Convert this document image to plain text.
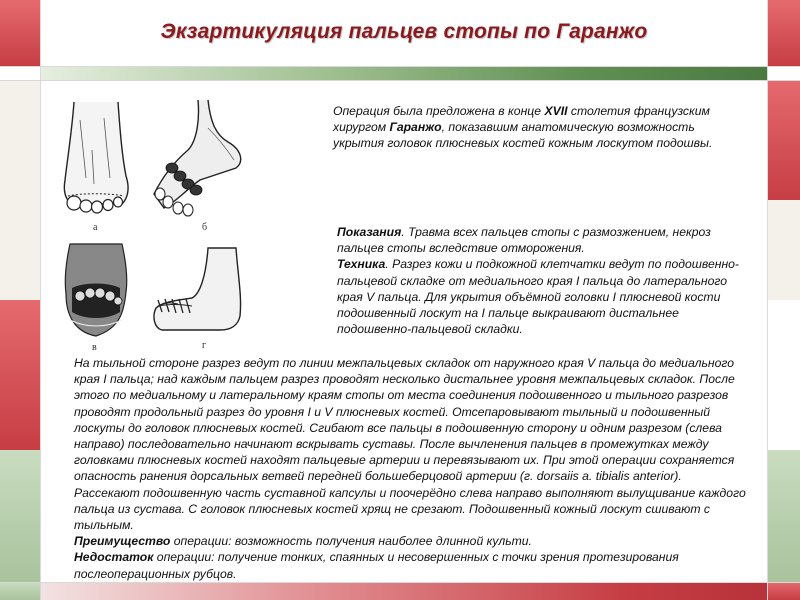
Экзартикуляция пальцев стопы по Гаранжо
а	б
в	г

Операция была предложена в конце XVII столетия французским хирургом Гаранжо, показавшим анатомическую возможность укрытия головок плюсневых костей кожным лоскутом подошвы.

Показания. Травма всех пальцев стопы с размозжением, некроз пальцев стопы вследствие отморожения.

Техника. Разрез кожи и подкожной клетчатки ведут по подошвенно-пальцевой складке от медиального края I пальца до латерального края V пальца. Для укрытия объёмной головки I плюсневой кости подошвенный лоскут на I пальце выкраивают дистальнее подошвенно-пальцевой складки.

На тыльной стороне разрез ведут по линии межпальцевых складок от наружного края V пальца до медиального края I пальца; над каждым пальцем разрез проводят несколько дистальнее уровня межпальцевых складок. После этого по медиальному и латеральному краям стопы от места соединения подошвенного и тыльного разрезов проводят продольный разрез до уровня I и V плюсневых костей. Отсепаровывают тыльный и подошвенный лоскуты до головок плюсневых костей. Сгибают все пальцы в подошвенную сторону и одним разрезом (слева направо) последовательно начинают вскрывать суставы. После вычленения пальцев в промежутках между головками плюсневых костей находят пальцевые артерии и перевязывают их. При этой операции сохраняется опасность ранения дорсальных ветвей передней большеберцовой артерии (г. dorsaiis a. tibialis anterior). Рассекают подошвенную часть суставной капсулы и поочерёдно слева направо выполняют вылущивание каждого пальца из сустава. С головок плюсневых костей хрящ не срезают. Подошвенный кожный лоскут сшивают с тыльным.

Преимущество операции: возможность получения наиболее длинной культи.

Недостаток операции: получение тонких, спаянных и несовершенных с точки зрения протезирования послеоперационных рубцов.
